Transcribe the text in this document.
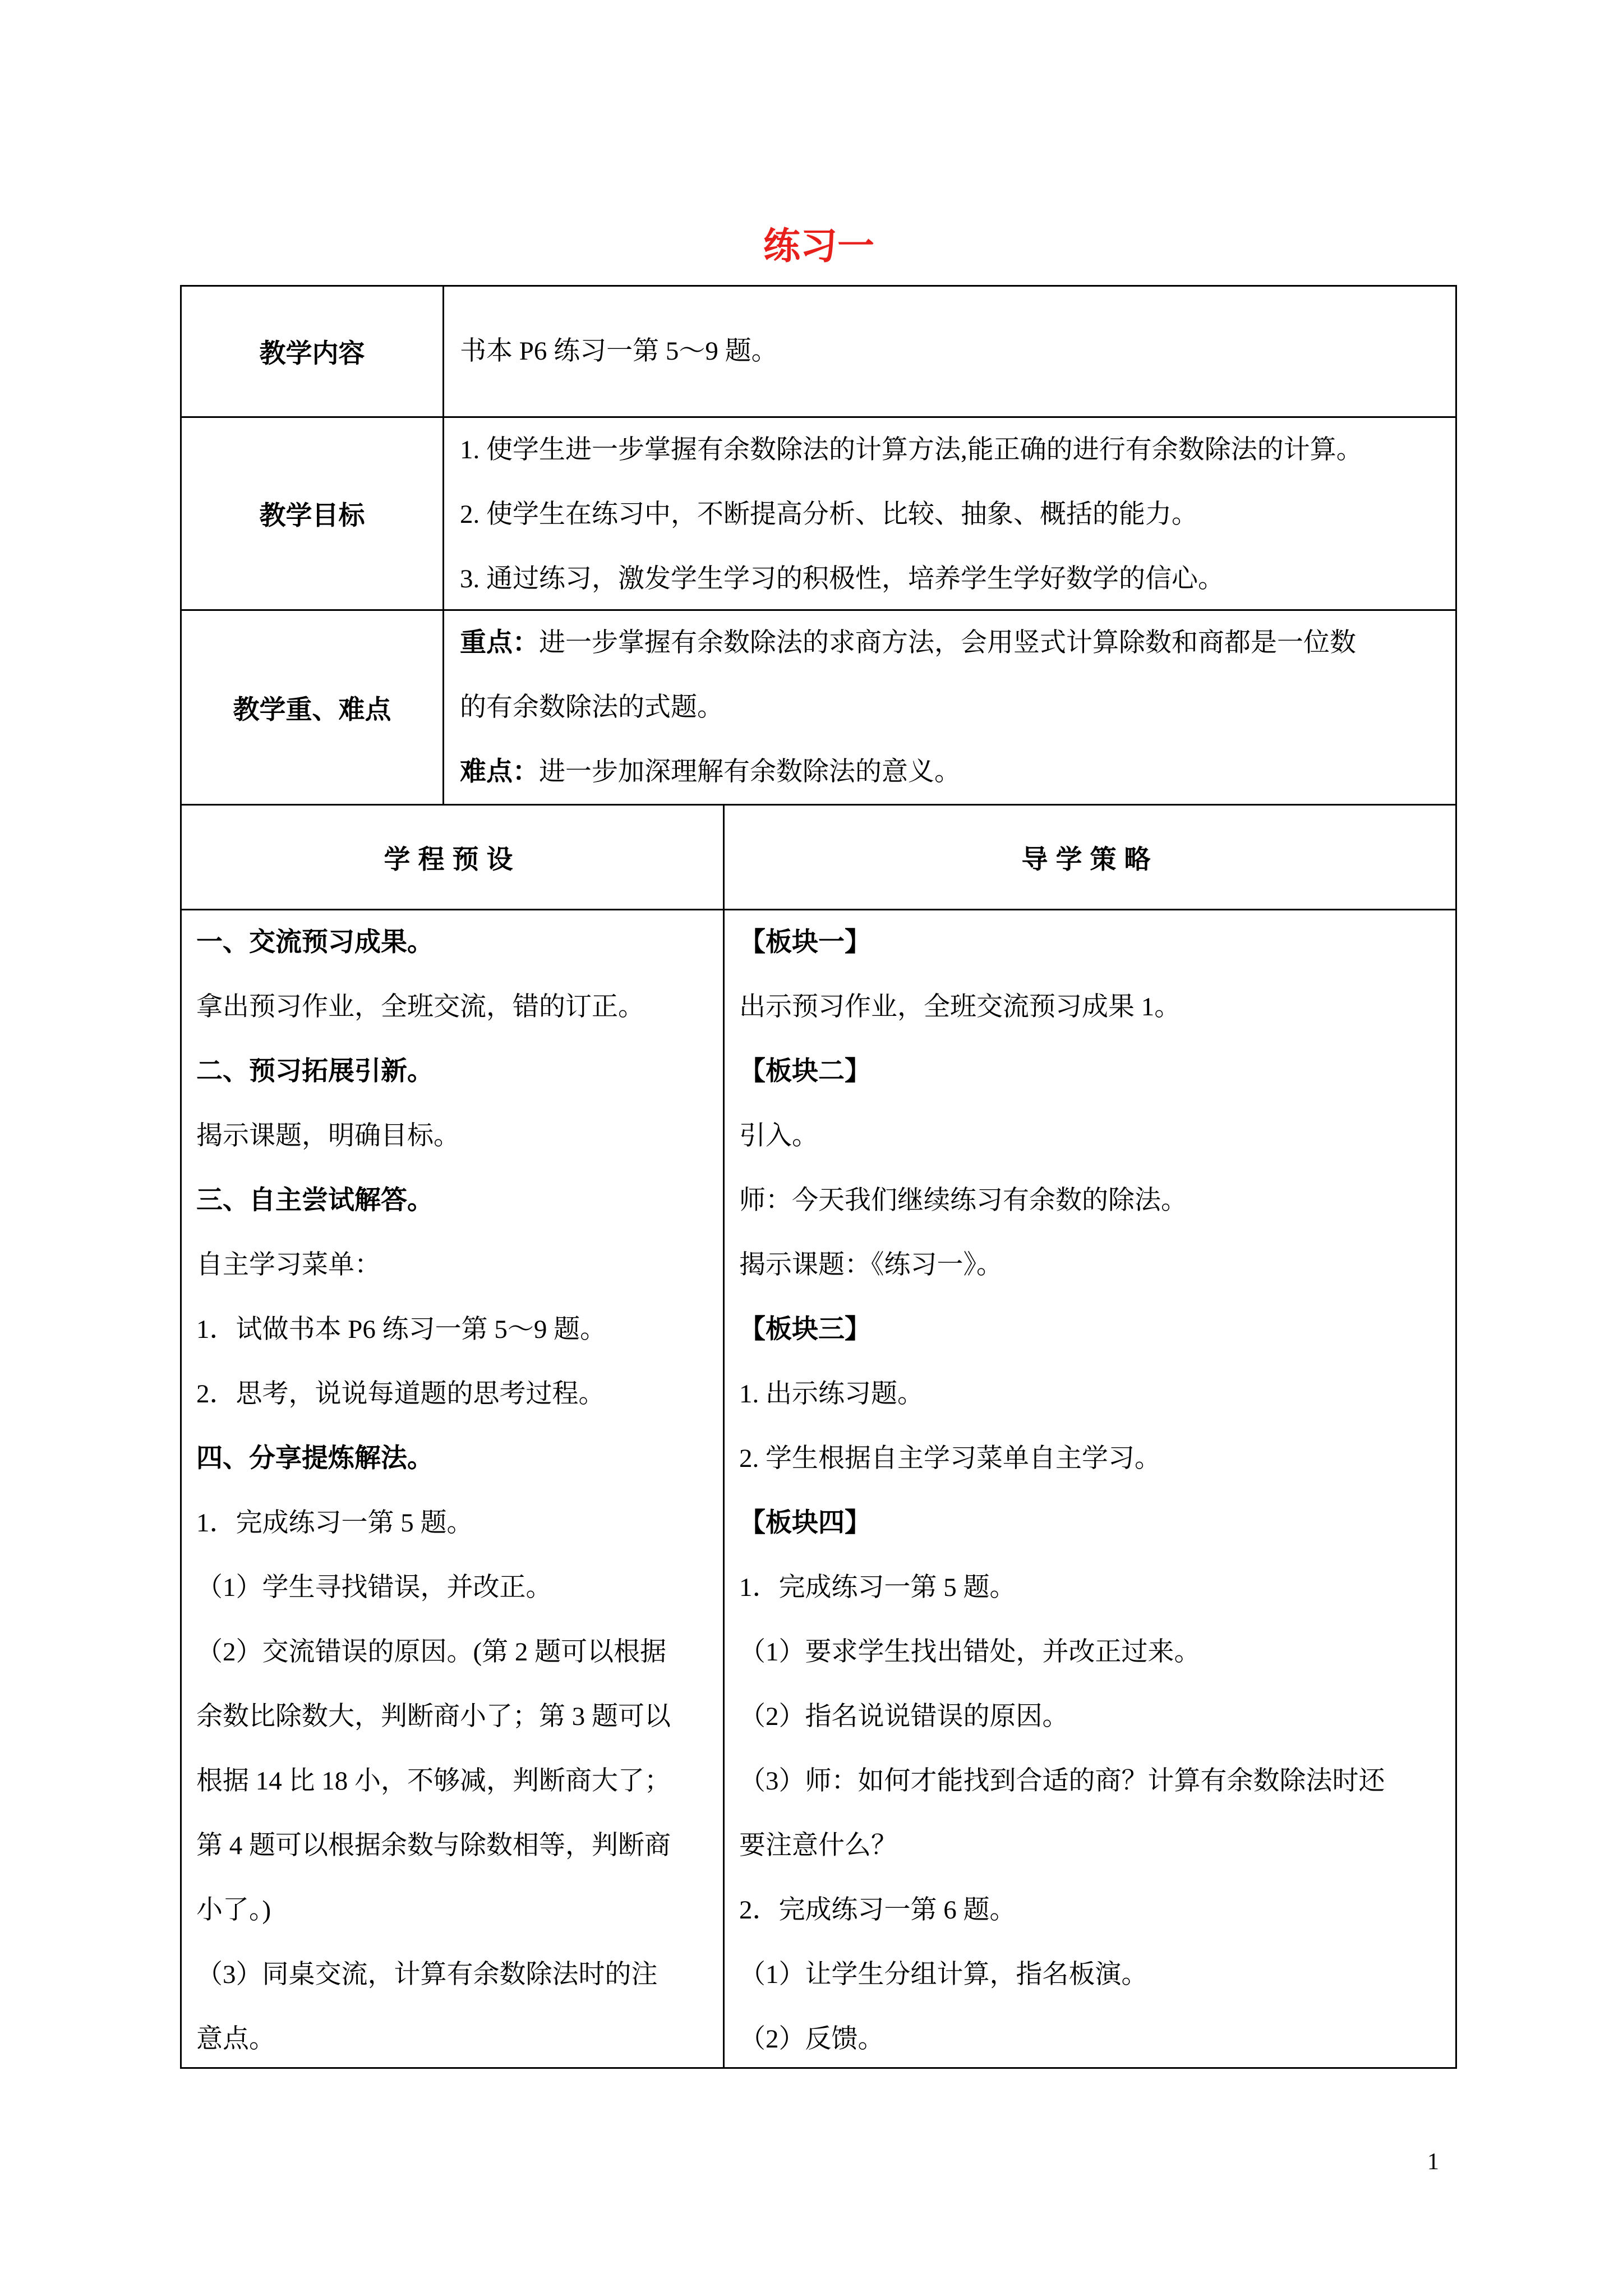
练习一
教学内容	书本 P6 练习一第 5～9 题。
教学目标
1. 使学生进一步掌握有余数除法的计算方法,能正确的进行有余数除法的计算。
2. 使学生在练习中，不断提高分析、比较、抽象、概括的能力。
3. 通过练习，激发学生学习的积极性，培养学生学好数学的信心。
教学重、难点
重点：进一步掌握有余数除法的求商方法，会用竖式计算除数和商都是一位数
的有余数除法的式题。
难点：进一步加深理解有余数除法的意义。
学程预设	导学策略
一、交流预习成果。
拿出预习作业，全班交流，错的订正。
二、预习拓展引新。
揭示课题，明确目标。
三、自主尝试解答。
自主学习菜单：
1．试做书本 P6 练习一第 5～9 题。
2．思考，说说每道题的思考过程。
四、分享提炼解法。
1．完成练习一第 5 题。
（1）学生寻找错误，并改正。
（2）交流错误的原因。(第 2 题可以根据
余数比除数大，判断商小了；第 3 题可以
根据 14 比 18 小，不够减，判断商大了；
第 4 题可以根据余数与除数相等，判断商
小了。)
（3）同桌交流，计算有余数除法时的注
意点。
【板块一】
出示预习作业，全班交流预习成果 1。
【板块二】
引入。
师：今天我们继续练习有余数的除法。
揭示课题：《练习一》。
【板块三】
1. 出示练习题。
2. 学生根据自主学习菜单自主学习。
【板块四】
1．完成练习一第 5 题。
（1）要求学生找出错处，并改正过来。
（2）指名说说错误的原因。
（3）师：如何才能找到合适的商？计算有余数除法时还
要注意什么？
2．完成练习一第 6 题。
（1）让学生分组计算，指名板演。
（2）反馈。
1
